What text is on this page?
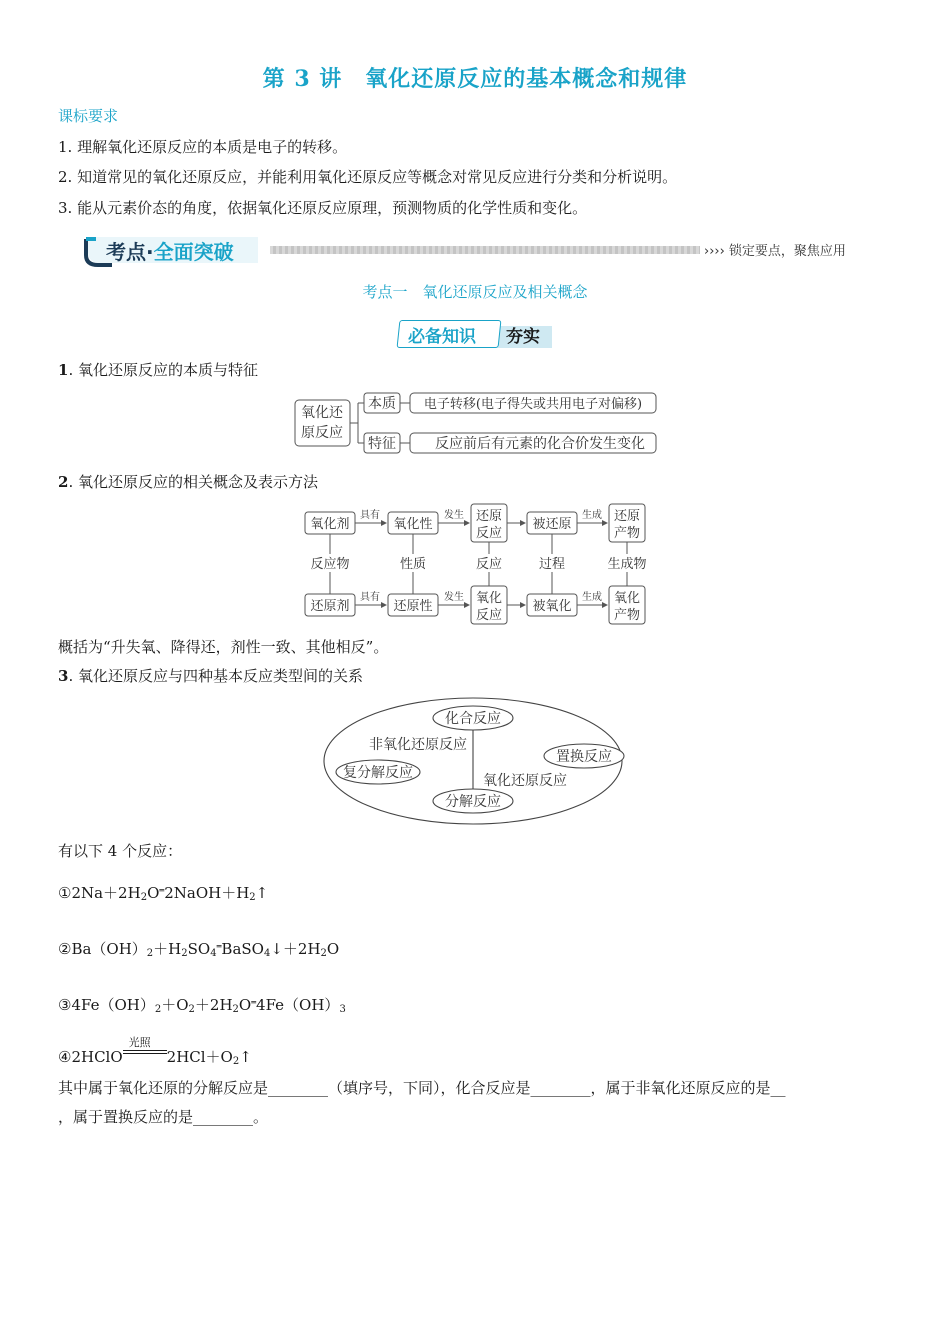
第 3 讲　氧化还原反应的基本概念和规律
课标要求
1. 理解氧化还原反应的本质是电子的转移。
2. 知道常见的氧化还原反应，并能利用氧化还原反应等概念对常见反应进行分类和分析说明。
3. 能从元素价态的角度，依据氧化还原反应原理，预测物质的化学性质和变化。
考点·全面突破	›››› 锁定要点，聚焦应用
考点一　氧化还原反应及相关概念
必备知识 夯实
1. 氧化还原反应的本质与特征
氧化还
原反应
本质 电子转移(电子得失或共用电子对偏移)
特征	反应前后有元素的化合价发生变化
2. 氧化还原反应的相关概念及表示方法
氧化剂	氧化性
还原
反应
被还原
还原
产物
反应物	性质	反应	过程	生成物
还原剂	还原性
氧化
反应
被氧化
氧化
产物
具有	发生	生成
具有	发生	生成
概括为“升失氧、降得还，剂性一致、其他相反”。
3. 氧化还原反应与四种基本反应类型间的关系
化合反应
非氧化还原反应
置换反应
复分解反应	氧化还原反应
分解反应
有以下 4 个反应：
$①2Na+2H_2O^═2NaOH+H_2↑$
$②Ba(OH)_2+H_2SO_4^═BaSO_4↓+2H_2O$
$③4Fe(OH)_2+O_2+2H_2O^═4Fe(OH)_3$
④2HClO
光照
$2HCl+O_2↑$
其中属于氧化还原的分解反应是________（填序号，下同），化合反应是________，属于非氧化还原反应的是__
，属于置换反应的是________。
